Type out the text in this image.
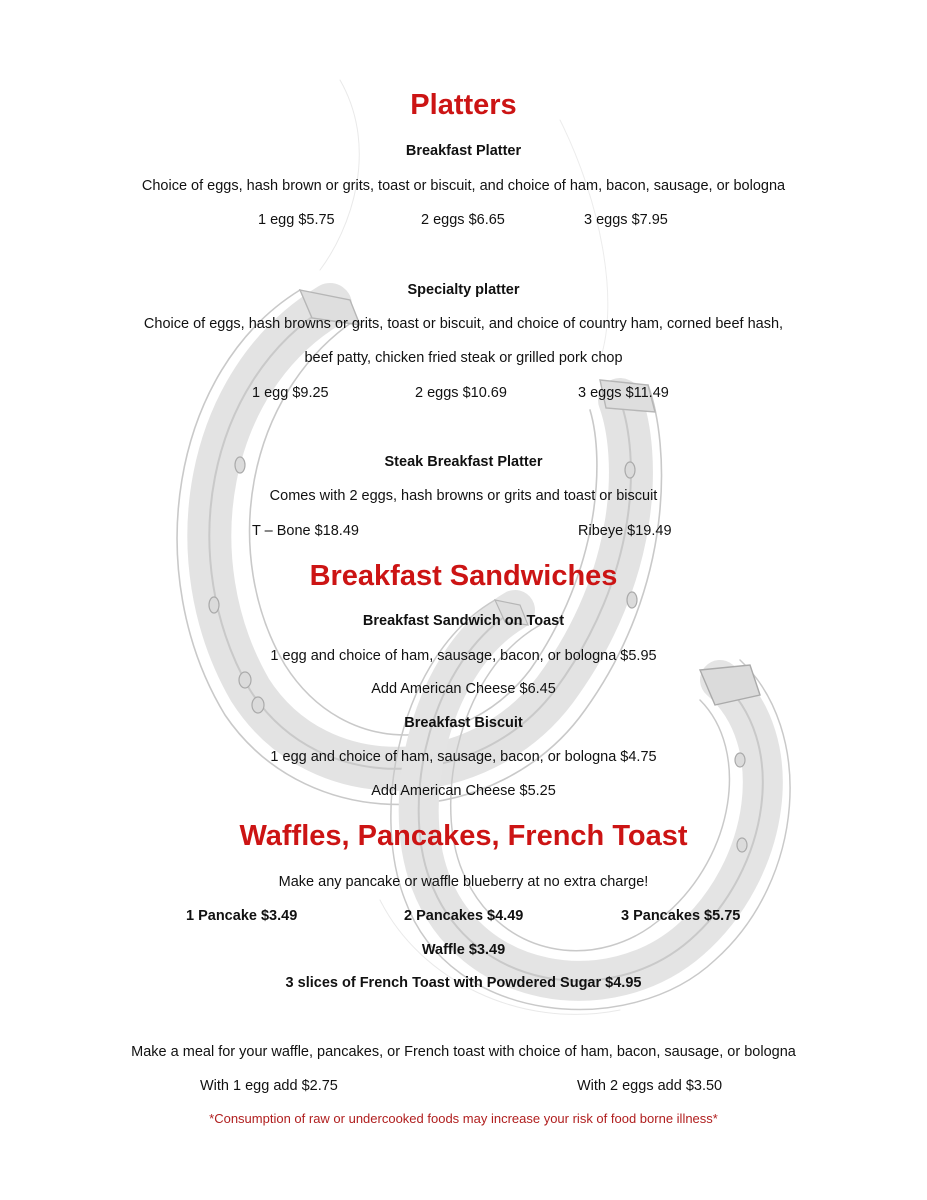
Platters
Breakfast Platter
Choice of eggs, hash brown or grits, toast or biscuit, and choice of ham, bacon, sausage, or bologna
1 egg $5.75	2 eggs $6.65	3 eggs $7.95
Specialty platter
Choice of eggs, hash browns or grits, toast or biscuit, and choice of country ham, corned beef hash,
beef patty, chicken fried steak or grilled pork chop
1 egg $9.25	2 eggs $10.69	3 eggs $11.49
Steak Breakfast Platter
Comes with 2 eggs, hash browns or grits and toast or biscuit
T – Bone $18.49	Ribeye $19.49
Breakfast Sandwiches
Breakfast Sandwich on Toast
1 egg and choice of ham, sausage, bacon, or bologna $5.95
Add American Cheese $6.45
Breakfast Biscuit
1 egg and choice of ham, sausage, bacon, or bologna $4.75
Add American Cheese $5.25
Waffles, Pancakes, French Toast
Make any pancake or waffle blueberry at no extra charge!
1 Pancake $3.49	2 Pancakes $4.49	3 Pancakes $5.75
Waffle $3.49
3 slices of French Toast with Powdered Sugar $4.95
Make a meal for your waffle, pancakes, or French toast with choice of ham, bacon, sausage, or bologna
With 1 egg add $2.75	With 2 eggs add $3.50
*Consumption of raw or undercooked foods may increase your risk of food borne illness*
